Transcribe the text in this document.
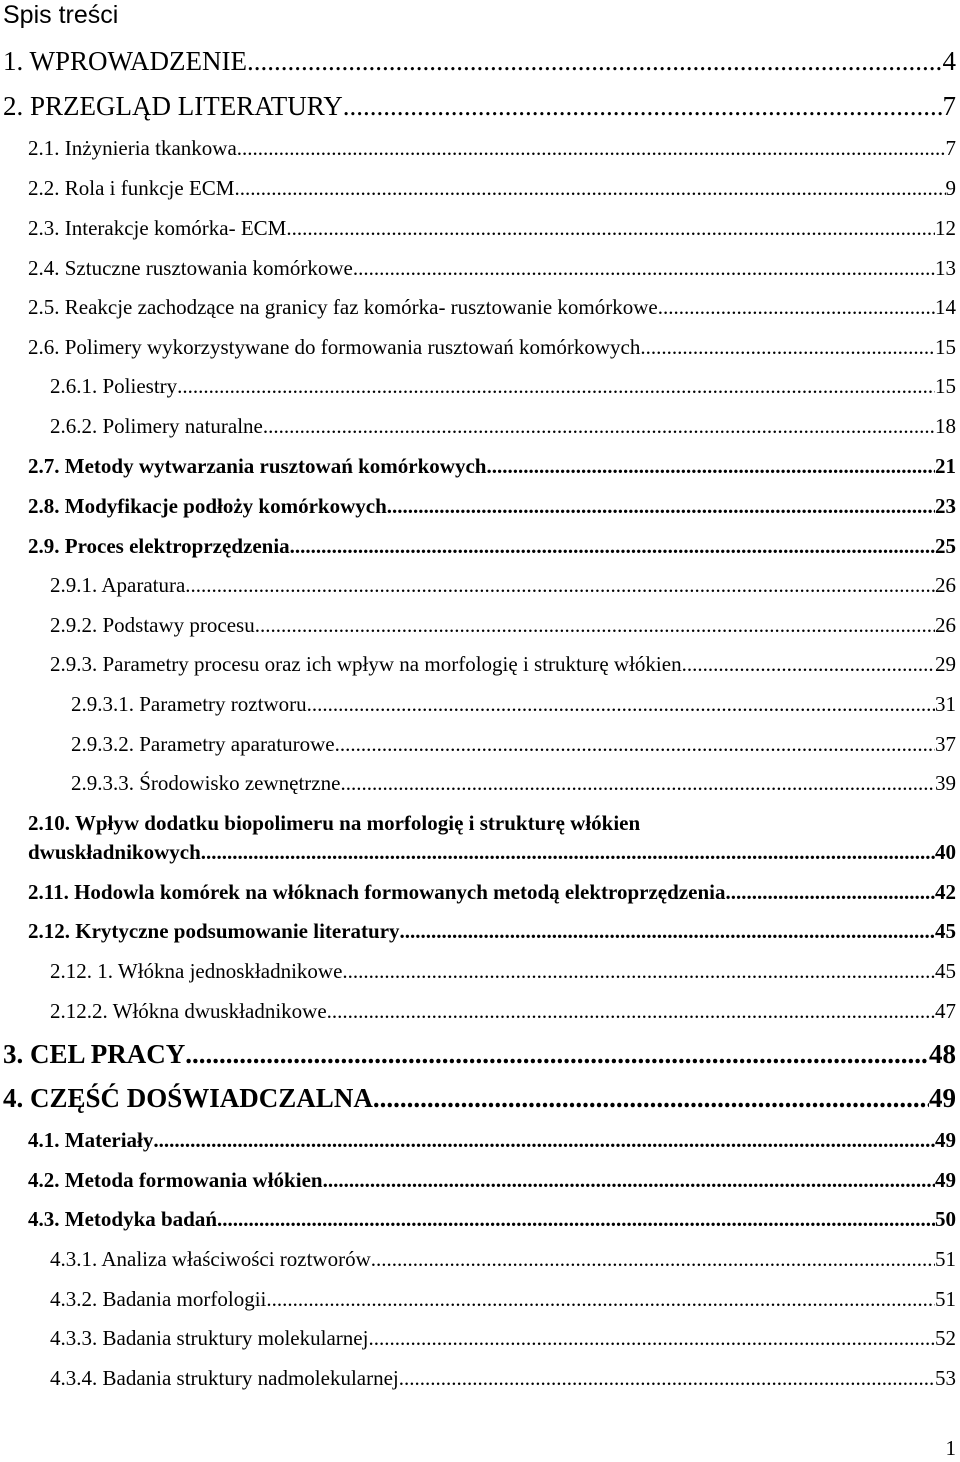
Spis treści
1. WPROWADZENIE .....	4
2. PRZEGLĄD LITERATURY .....	7
2.1. Inżynieria tkankowa .....	7
2.2. Rola i funkcje ECM .....	9
2.3. Interakcje komórka- ECM .....	12
2.4. Sztuczne rusztowania komórkowe .....	13
2.5. Reakcje zachodzące na granicy faz komórka- rusztowanie komórkowe .....	14
2.6. Polimery wykorzystywane do formowania rusztowań komórkowych .....	15
2.6.1. Poliestry .....	15
2.6.2. Polimery naturalne .....	18
2.7. Metody wytwarzania rusztowań komórkowych .....	21
2.8. Modyfikacje podłoży komórkowych .....	23
2.9. Proces elektroprzędzenia .....	25
2.9.1. Aparatura .....	26
2.9.2. Podstawy procesu .....	26
2.9.3. Parametry procesu oraz ich wpływ na morfologię i strukturę włókien .....	29
2.9.3.1. Parametry roztworu .....	31
2.9.3.2. Parametry aparaturowe .....	37
2.9.3.3. Środowisko zewnętrzne .....	39
2.10. Wpływ dodatku biopolimeru na morfologię i strukturę włókien
dwuskładnikowych .....	40
2.11. Hodowla komórek na włóknach formowanych metodą elektroprzędzenia .....	42
2.12. Krytyczne podsumowanie literatury .....	45
2.12. 1. Włókna jednoskładnikowe .....	45
2.12.2. Włókna dwuskładnikowe .....	47
3. CEL PRACY .....	48
4. CZĘŚĆ DOŚWIADCZALNA .....	49
4.1. Materiały .....	49
4.2. Metoda formowania włókien .....	49
4.3. Metodyka badań .....	50
4.3.1. Analiza właściwości roztworów .....	51
4.3.2. Badania morfologii .....	51
4.3.3. Badania struktury molekularnej .....	52
4.3.4. Badania struktury nadmolekularnej .....	53
1
